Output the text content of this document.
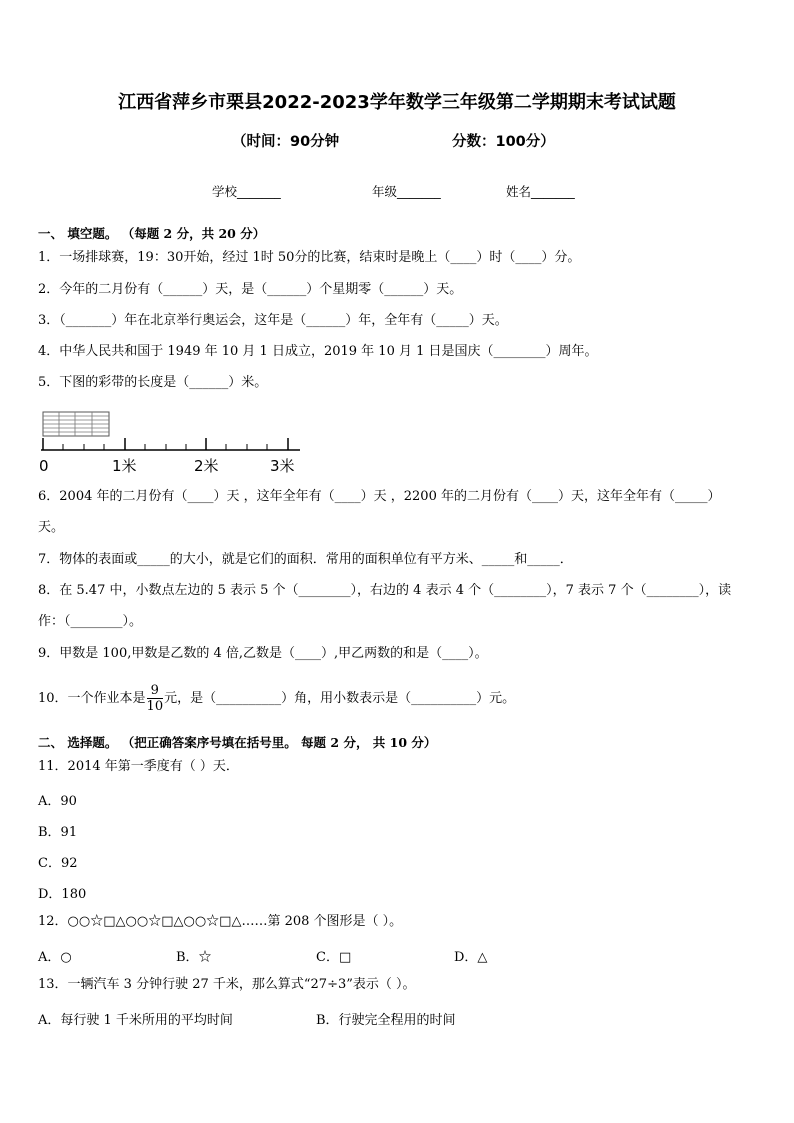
江西省萍乡市栗县2022-2023学年数学三年级第二学期期末考试试题
（时间：90分钟	分数：100分）
学校_______	年级_______	姓名_______
一、 填空题。 （每题 2 分，共 20 分）
1．一场排球赛，19：30开始，经过 1时 50分的比赛，结束时是晚上（____）时（____）分。
2．今年的二月份有（______）天，是（______）个星期零（______）天。
3．（_______）年在北京举行奥运会，这年是（______）年，全年有（_____）天。
4．中华人民共和国于 1949 年 10 月 1 日成立，2019 年 10 月 1 日是国庆（________）周年。
5．下图的彩带的长度是（______）米。
0	1米	2米	3米
6．2004 年的二月份有（____）天 ，这年全年有（____）天 ，2200 年的二月份有（____）天，这年全年有（_____）
天。
7．物体的表面或_____的大小，就是它们的面积．常用的面积单位有平方米、_____和_____．
8．在 5.47 中，小数点左边的 5 表示 5 个（________），右边的 4 表示 4 个（________），7 表示 7 个（________），读
作：（________）。
9．甲数是 100,甲数是乙数的 4 倍,乙数是（____）,甲乙两数的和是（____）。
10．一个作业本是 $\frac{9}{10}$ 元，是（__________）角，用小数表示是（__________）元。
二、 选择题。 （把正确答案序号填在括号里。 每题 2 分， 共 10 分）
11．2014 年第一季度有（ ）天．
A．90
B．91
C．92
D．180
12．○○☆□△○○☆□△○○☆□△……第 208 个图形是（ ）。
A．○	B．☆	C．□	D．△
13．一辆汽车 3 分钟行驶 27 千米，那么算式“27÷3”表示（ ）。
A．每行驶 1 千米所用的平均时间	B．行驶完全程用的时间
